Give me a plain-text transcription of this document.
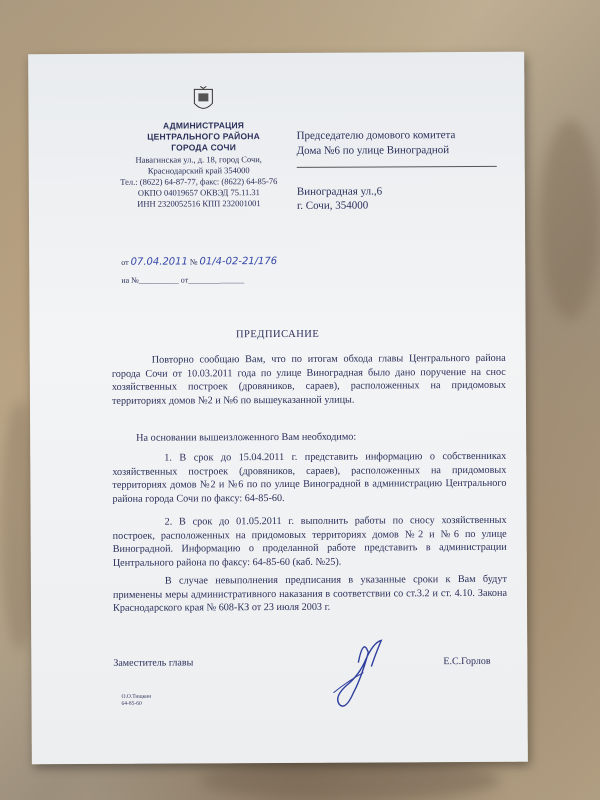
АДМИНИСТРАЦИЯ
ЦЕНТРАЛЬНОГО РАЙОНА
ГОРОДА СОЧИ
Навагинская ул., д. 18, город Сочи,
Краснодарский край 354000
Тел.: (8622) 64-87-77, факс: (8622) 64-85-76
ОКПО 04019657 ОКВЭД 75.11.31
ИНН 2320052516 КПП 232001001
Председателю домового комитета
Дома №6 по улице Виноградной
Виноградная ул.,6
г. Сочи, 354000
от 07.04.2011 № 01/4-02-21/176
на №__________ от______________
ПРЕДПИСАНИЕ
Повторно сообщаю Вам, что по итогам обхода главы Центрального района города Сочи от 10.03.2011 года по улице Виноградная было дано поручение на снос хозяйственных построек (дровяников, сараев), расположенных на придомовых территориях домов №2 и №6 по вышеуказанной улицы.
На основании вышеизложенного Вам необходимо:
1. В срок до 15.04.2011 г. представить информацию о собственниках хозяйственных построек (дровяников, сараев), расположенных на придомовых территориях домов №2 и №6 по по улице Виноградной в администрацию Центрального района города Сочи по факсу: 64-85-60.
2. В срок до 01.05.2011 г. выполнить работы по сносу хозяйственных построек, расположенных на придомовых территориях домов №2 и №6 по улице Виноградной. Информацию о проделанной работе представить в администрации Центрального района по факсу: 64-85-60 (каб. №25).
В случае невыполнения предписания в указанные сроки к Вам будут применены меры административного наказания в соответствии со ст.3.2 и ст. 4.10. Закона Краснодарского края № 608-КЗ от 23 июля 2003 г.
Заместитель главы	Е.С.Горлов
О.О.Тищкин
64-85-60
